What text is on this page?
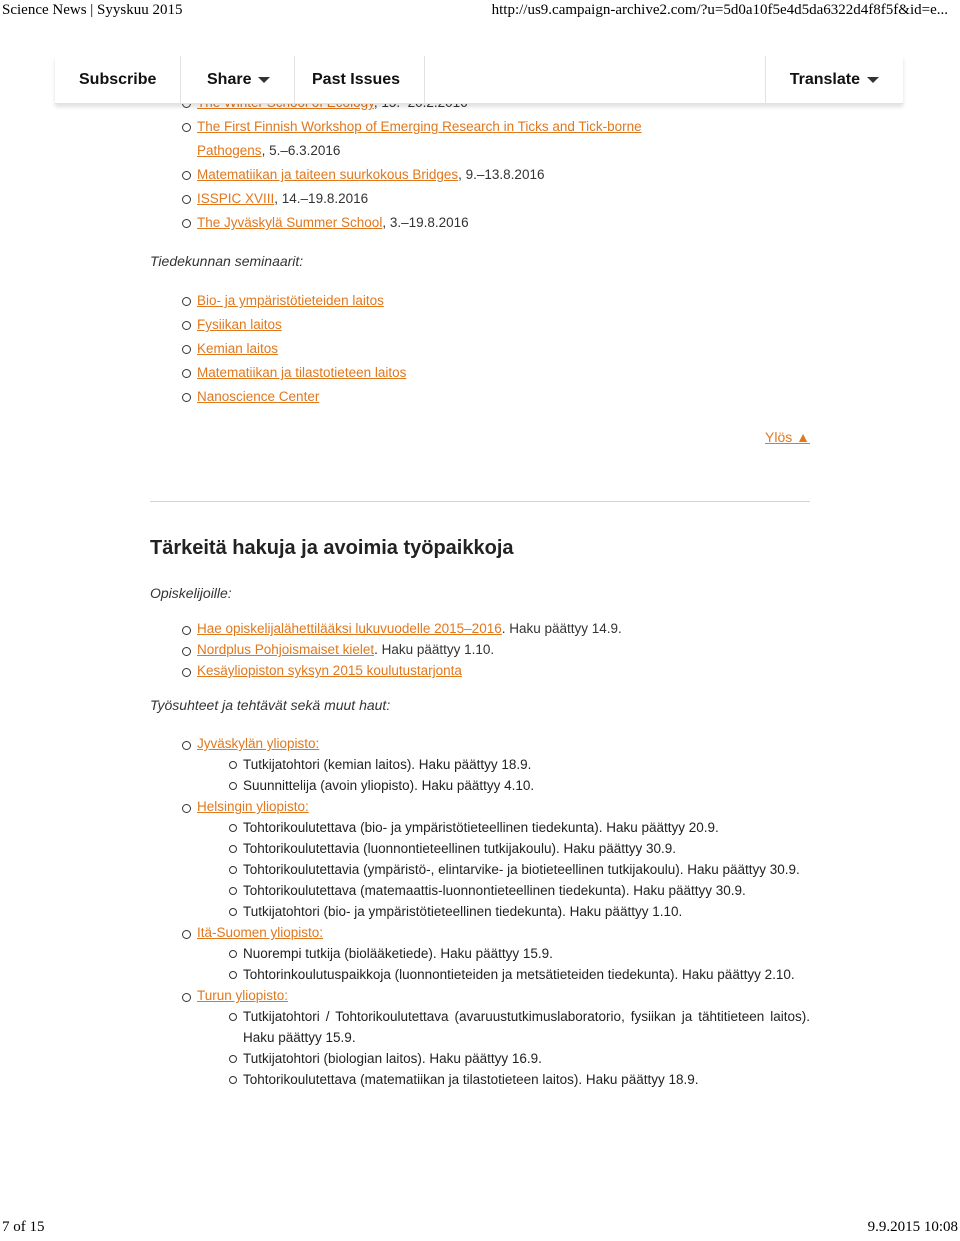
Science News | Syyskuu 2015	http://us9.campaign-archive2.com/?u=5d0a10f5e4d5da6322d4f8f5f&id=e...
The First Finnish Workshop of Emerging Research in Ticks and Tick-borne Pathogens, 5.–6.3.2016
Matematiikan ja taiteen suurkokous Bridges, 9.–13.8.2016
ISSPIC XVIII, 14.–19.8.2016
The Jyväskylä Summer School, 3.–19.8.2016
Tiedekunnan seminaarit:
Bio- ja ympäristötieteiden laitos
Fysiikan laitos
Kemian laitos
Matematiikan ja tilastotieteen laitos
Nanoscience Center
Ylös ▲
Tärkeitä hakuja ja avoimia työpaikkoja
Opiskelijoille:
Hae opiskelijalähettilääksi lukuvuodelle 2015–2016. Haku päättyy 14.9.
Nordplus Pohjoismaiset kielet. Haku päättyy 1.10.
Kesäyliopiston syksyn 2015 koulutustarjonta
Työsuhteet ja tehtävät sekä muut haut:
Jyväskylän yliopisto:
Tutkijatohtori (kemian laitos). Haku päättyy 18.9.
Suunnittelija (avoin yliopisto). Haku päättyy 4.10.
Helsingin yliopisto:
Tohtorikoulutettava (bio- ja ympäristötieteellinen tiedekunta). Haku päättyy 20.9.
Tohtorikoulutettavia (luonnontieteellinen tutkijakoulu). Haku päättyy 30.9.
Tohtorikoulutettavia (ympäristö-, elintarvike- ja biotieteellinen tutkijakoulu). Haku päättyy 30.9.
Tohtorikoulutettava (matemaattis-luonnontieteellinen tiedekunta). Haku päättyy 30.9.
Tutkijatohtori (bio- ja ympäristötieteellinen tiedekunta). Haku päättyy 1.10.
Itä-Suomen yliopisto:
Nuorempi tutkija (biolääketiede). Haku päättyy 15.9.
Tohtorinkoulutuspaikkoja (luonnontieteiden ja metsätieteiden tiedekunta). Haku päättyy 2.10.
Turun yliopisto:
Tutkijatohtori / Tohtorikoulutettava (avaruustutkimuslaboratorio, fysiikan ja tähtitieteen laitos). Haku päättyy 15.9.
Tutkijatohtori (biologian laitos). Haku päättyy 16.9.
Tohtorikoulutettava (matematiikan ja tilastotieteen laitos). Haku päättyy 18.9.
Subscribe	Share	Past Issues	Translate
7 of 15	9.9.2015 10:08
